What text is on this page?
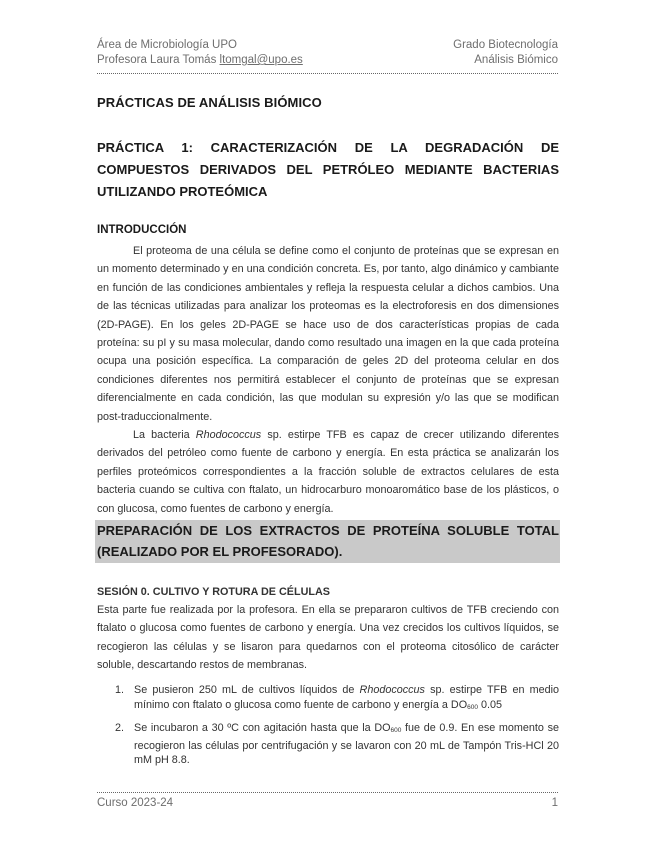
Área de Microbiología UPO
Profesora Laura Tomás ltomgal@upo.es
Grado Biotecnología
Análisis Biómico
PRÁCTICAS DE ANÁLISIS BIÓMICO
PRÁCTICA 1: CARACTERIZACIÓN DE LA DEGRADACIÓN DE COMPUESTOS DERIVADOS DEL PETRÓLEO MEDIANTE BACTERIAS UTILIZANDO PROTEÓMICA
INTRODUCCIÓN

El proteoma de una célula se define como el conjunto de proteínas que se expresan en un momento determinado y en una condición concreta. Es, por tanto, algo dinámico y cambiante en función de las condiciones ambientales y refleja la respuesta celular a dichos cambios. Una de las técnicas utilizadas para analizar los proteomas es la electroforesis en dos dimensiones (2D-PAGE). En los geles 2D-PAGE se hace uso de dos características propias de cada proteína: su pI y su masa molecular, dando como resultado una imagen en la que cada proteína ocupa una posición específica. La comparación de geles 2D del proteoma celular en dos condiciones diferentes nos permitirá establecer el conjunto de proteínas que se expresan diferencialmente en cada condición, las que modulan su expresión y/o las que se modifican post-traduccionalmente.

La bacteria Rhodococcus sp. estirpe TFB es capaz de crecer utilizando diferentes derivados del petróleo como fuente de carbono y energía. En esta práctica se analizarán los perfiles proteómicos correspondientes a la fracción soluble de extractos celulares de esta bacteria cuando se cultiva con ftalato, un hidrocarburo monoaromático base de los plásticos, o con glucosa, como fuentes de carbono y energía.

PREPARACIÓN DE LOS EXTRACTOS DE PROTEÍNA SOLUBLE TOTAL (REALIZADO POR EL PROFESORADO).
SESIÓN 0. CULTIVO Y ROTURA DE CÉLULAS

Esta parte fue realizada por la profesora. En ella se prepararon cultivos de TFB creciendo con ftalato o glucosa como fuentes de carbono y energía. Una vez crecidos los cultivos líquidos, se recogieron las células y se lisaron para quedarnos con el proteoma citosólico de carácter soluble, descartando restos de membranas.

1. Se pusieron 250 mL de cultivos líquidos de Rhodococcus sp. estirpe TFB en medio mínimo con ftalato o glucosa como fuente de carbono y energía a $DO_{600}$ 0.05
2. Se incubaron a 30 ºC con agitación hasta que la $DO_{600}$ fue de 0.9. En ese momento se recogieron las células por centrifugación y se lavaron con 20 mL de Tampón Tris-HCl 20 mM pH 8.8.
Curso 2023-24	1
